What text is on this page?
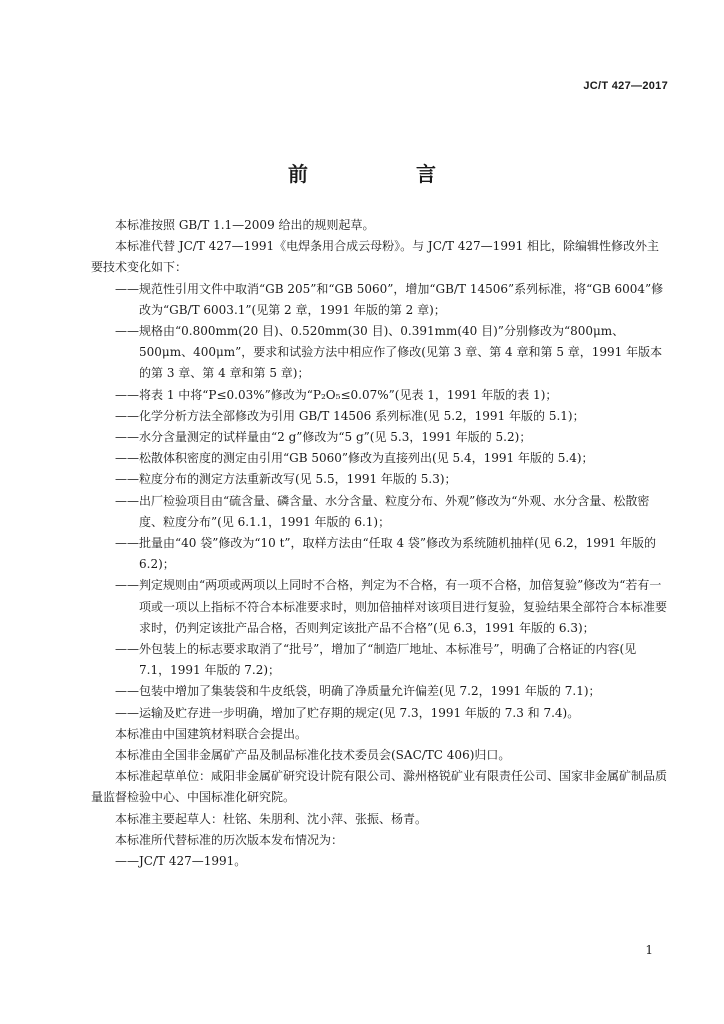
JC/T 427—2017
前　言

本标准按照 GB/T 1.1—2009 给出的规则起草。

本标准代替 JC/T 427—1991《电焊条用合成云母粉》。与 JC/T 427—1991 相比，除编辑性修改外主要技术变化如下：

——规范性引用文件中取消“GB 205”和“GB 5060”，增加“GB/T 14506”系列标准，将“GB 6004”修改为“GB/T 6003.1”(见第 2 章，1991 年版的第 2 章)；

——规格由“0.800mm(20 目)、0.520mm(30 目)、0.391mm(40 目)”分别修改为“800μm、500μm、400μm”，要求和试验方法中相应作了修改(见第 3 章、第 4 章和第 5 章，1991 年版本的第 3 章、第 4 章和第 5 章)；

——将表 1 中将“P≤0.03%”修改为“P₂O₅≤0.07%”(见表 1，1991 年版的表 1)；

——化学分析方法全部修改为引用 GB/T 14506 系列标准(见 5.2，1991 年版的 5.1)；

——水分含量测定的试样量由“2 g”修改为“5 g”(见 5.3，1991 年版的 5.2)；

——松散体积密度的测定由引用“GB 5060”修改为直接列出(见 5.4，1991 年版的 5.4)；

——粒度分布的测定方法重新改写(见 5.5，1991 年版的 5.3)；

——出厂检验项目由“硫含量、磷含量、水分含量、粒度分布、外观”修改为“外观、水分含量、松散密度、粒度分布”(见 6.1.1，1991 年版的 6.1)；

——批量由“40 袋”修改为“10 t”，取样方法由“任取 4 袋”修改为系统随机抽样(见 6.2，1991 年版的 6.2)；

——判定规则由“两项或两项以上同时不合格，判定为不合格，有一项不合格，加倍复验”修改为“若有一项或一项以上指标不符合本标准要求时，则加倍抽样对该项目进行复验，复验结果全部符合本标准要求时，仍判定该批产品合格，否则判定该批产品不合格”(见 6.3，1991 年版的 6.3)；

——外包装上的标志要求取消了“批号”，增加了“制造厂地址、本标准号”，明确了合格证的内容(见 7.1，1991 年版的 7.2)；

——包装中增加了集装袋和牛皮纸袋，明确了净质量允许偏差(见 7.2，1991 年版的 7.1)；

——运输及贮存进一步明确，增加了贮存期的规定(见 7.3，1991 年版的 7.3 和 7.4)。

本标准由中国建筑材料联合会提出。

本标准由全国非金属矿产品及制品标准化技术委员会(SAC/TC 406)归口。

本标准起草单位：咸阳非金属矿研究设计院有限公司、滁州格锐矿业有限责任公司、国家非金属矿制品质量监督检验中心、中国标准化研究院。

本标准主要起草人：杜铭、朱朋利、沈小萍、张振、杨青。

本标准所代替标准的历次版本发布情况为：

——JC/T 427—1991。

1
